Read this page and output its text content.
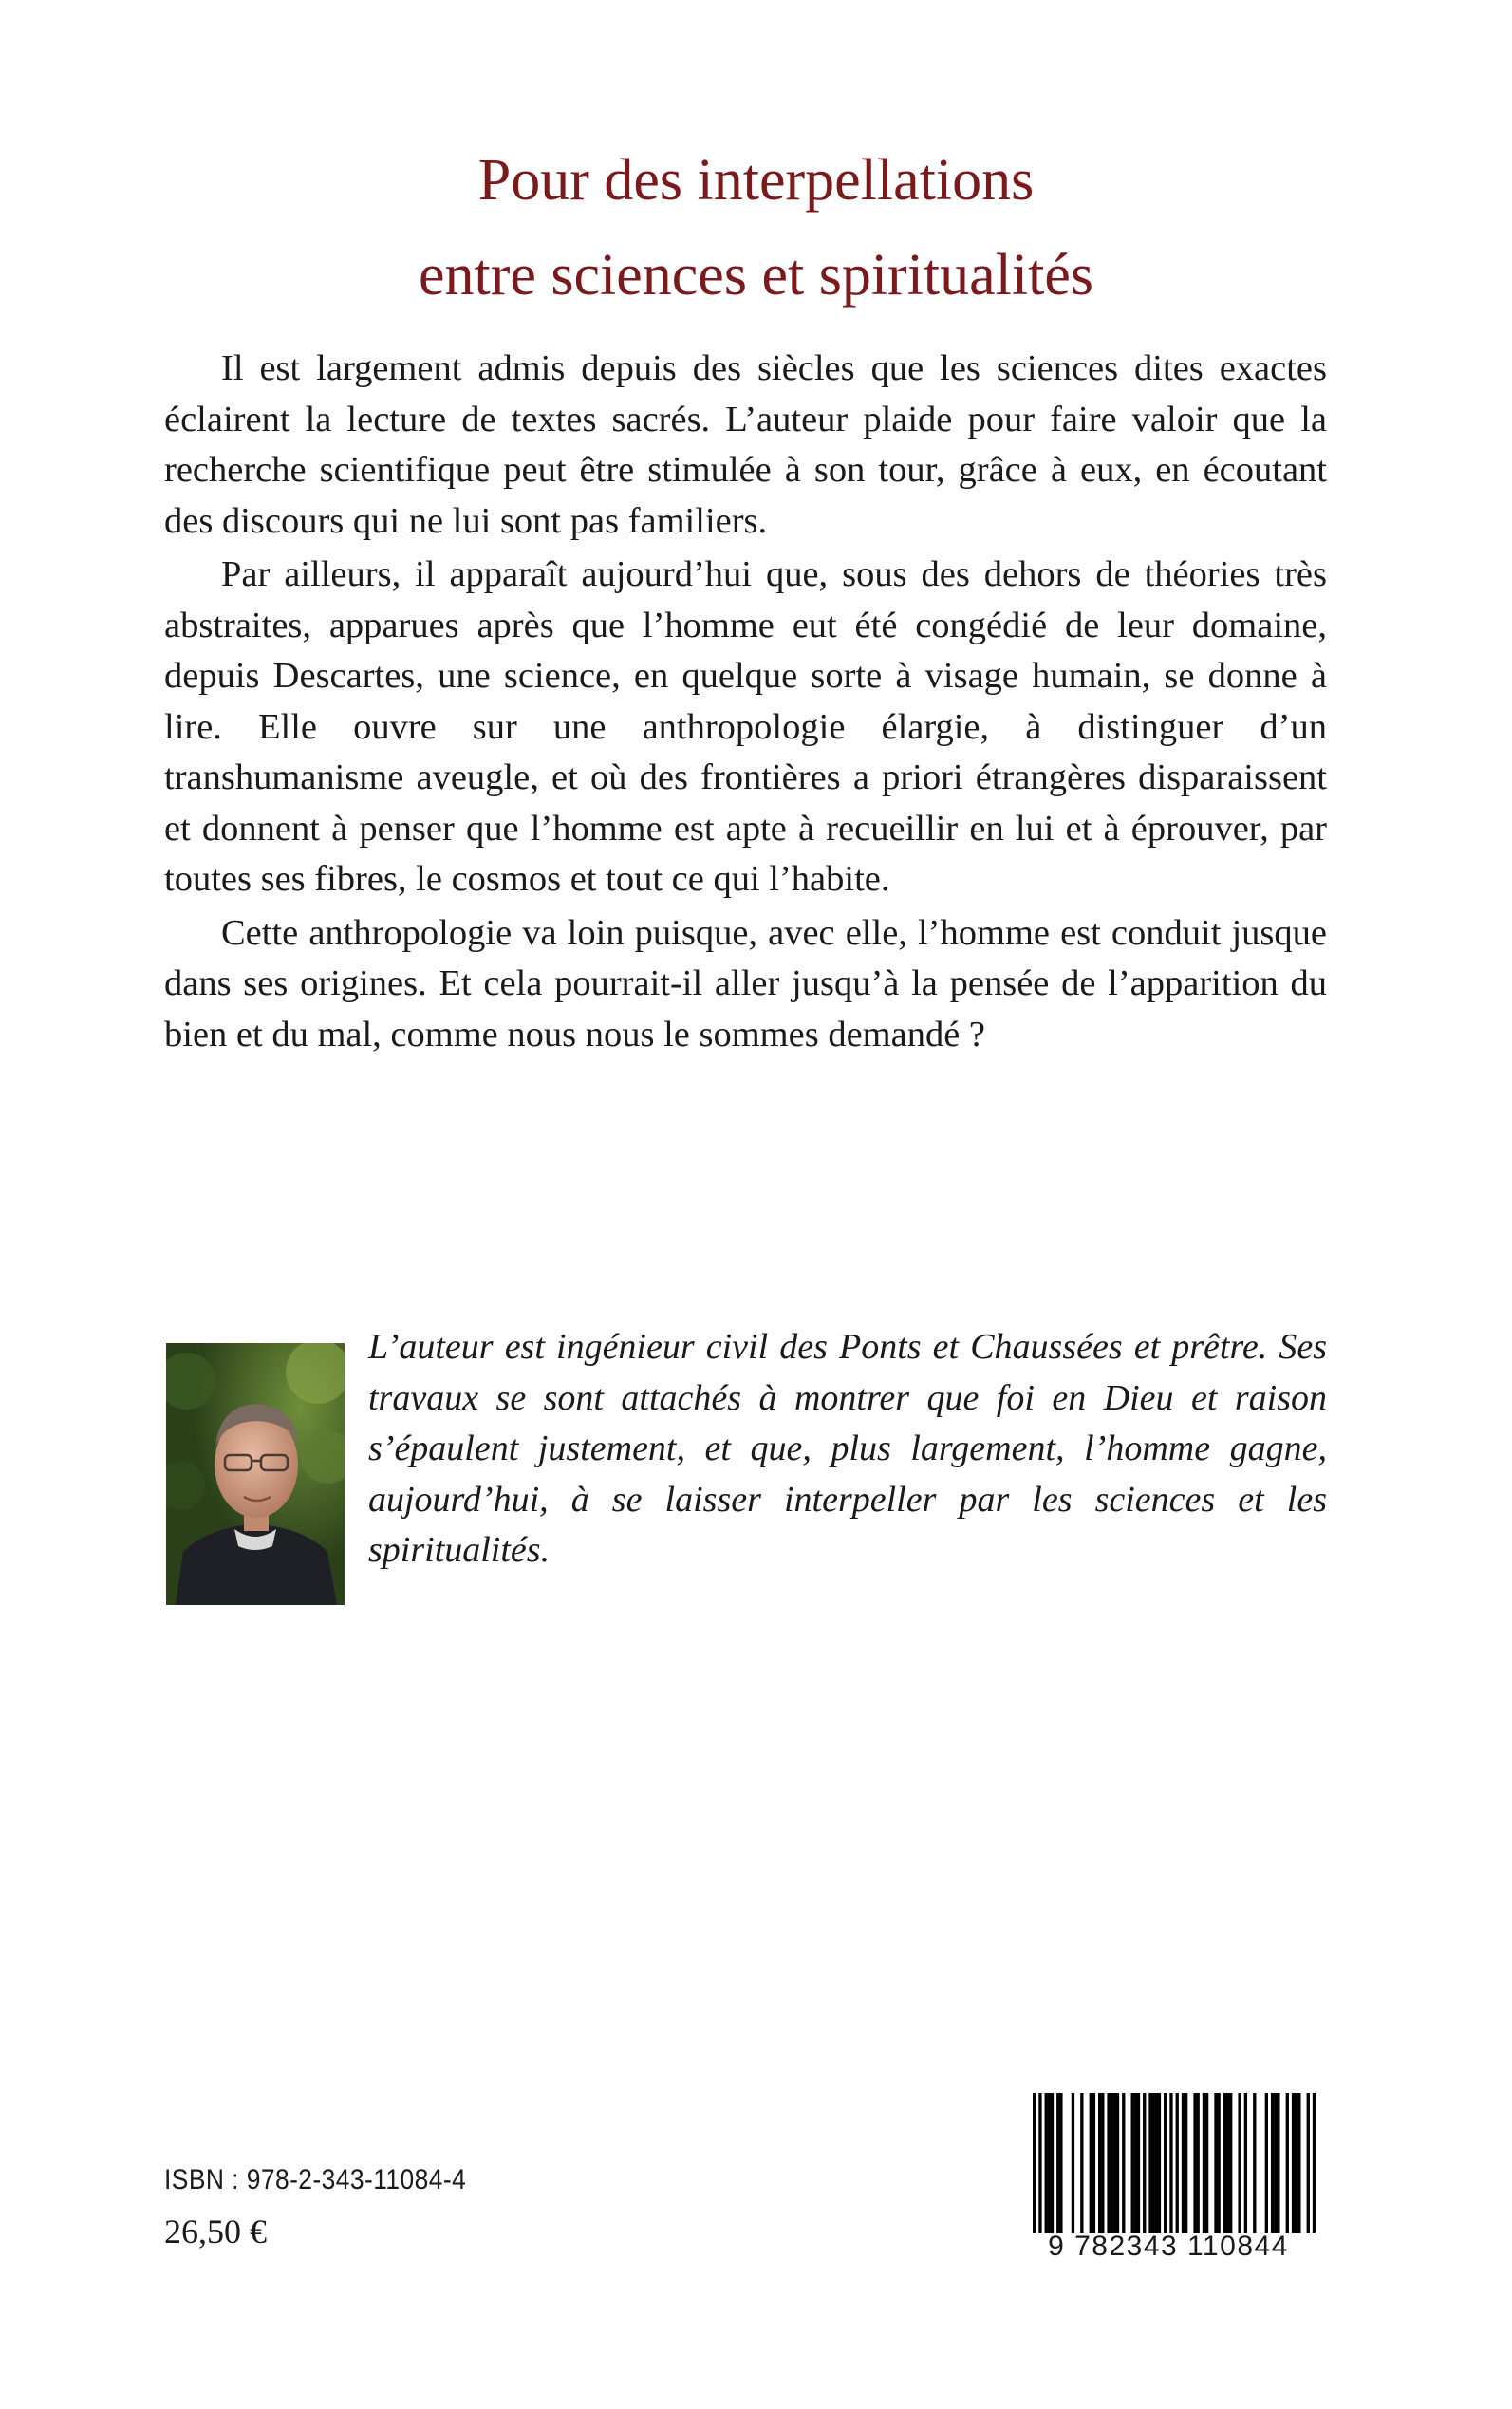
Pour des interpellations
entre sciences et spiritualités

Il est largement admis depuis des siècles que les sciences dites exactes éclairent la lecture de textes sacrés. L’auteur plaide pour faire valoir que la recherche scientifique peut être stimulée à son tour, grâce à eux, en écoutant des discours qui ne lui sont pas familiers.

Par ailleurs, il apparaît aujourd’hui que, sous des dehors de théories très abstraites, apparues après que l’homme eut été congédié de leur domaine, depuis Descartes, une science, en quelque sorte à visage humain, se donne à lire. Elle ouvre sur une anthropologie élargie, à distinguer d’un transhumanisme aveugle, et où des frontières a priori étrangères disparaissent et donnent à penser que l’homme est apte à recueillir en lui et à éprouver, par toutes ses fibres, le cosmos et tout ce qui l’habite.

Cette anthropologie va loin puisque, avec elle, l’homme est conduit jusque dans ses origines. Et cela pourrait-il aller jusqu’à la pensée de l’apparition du bien et du mal, comme nous nous le sommes demandé ?

L’auteur est ingénieur civil des Ponts et Chaussées et prêtre. Ses travaux se sont attachés à montrer que foi en Dieu et raison s’épaulent justement, et que, plus largement, l’homme gagne, aujourd’hui, à se laisser interpeller par les sciences et les spiritualités.

ISBN : 978-2-343-11084-4
26,50 €	9 782343 110844
